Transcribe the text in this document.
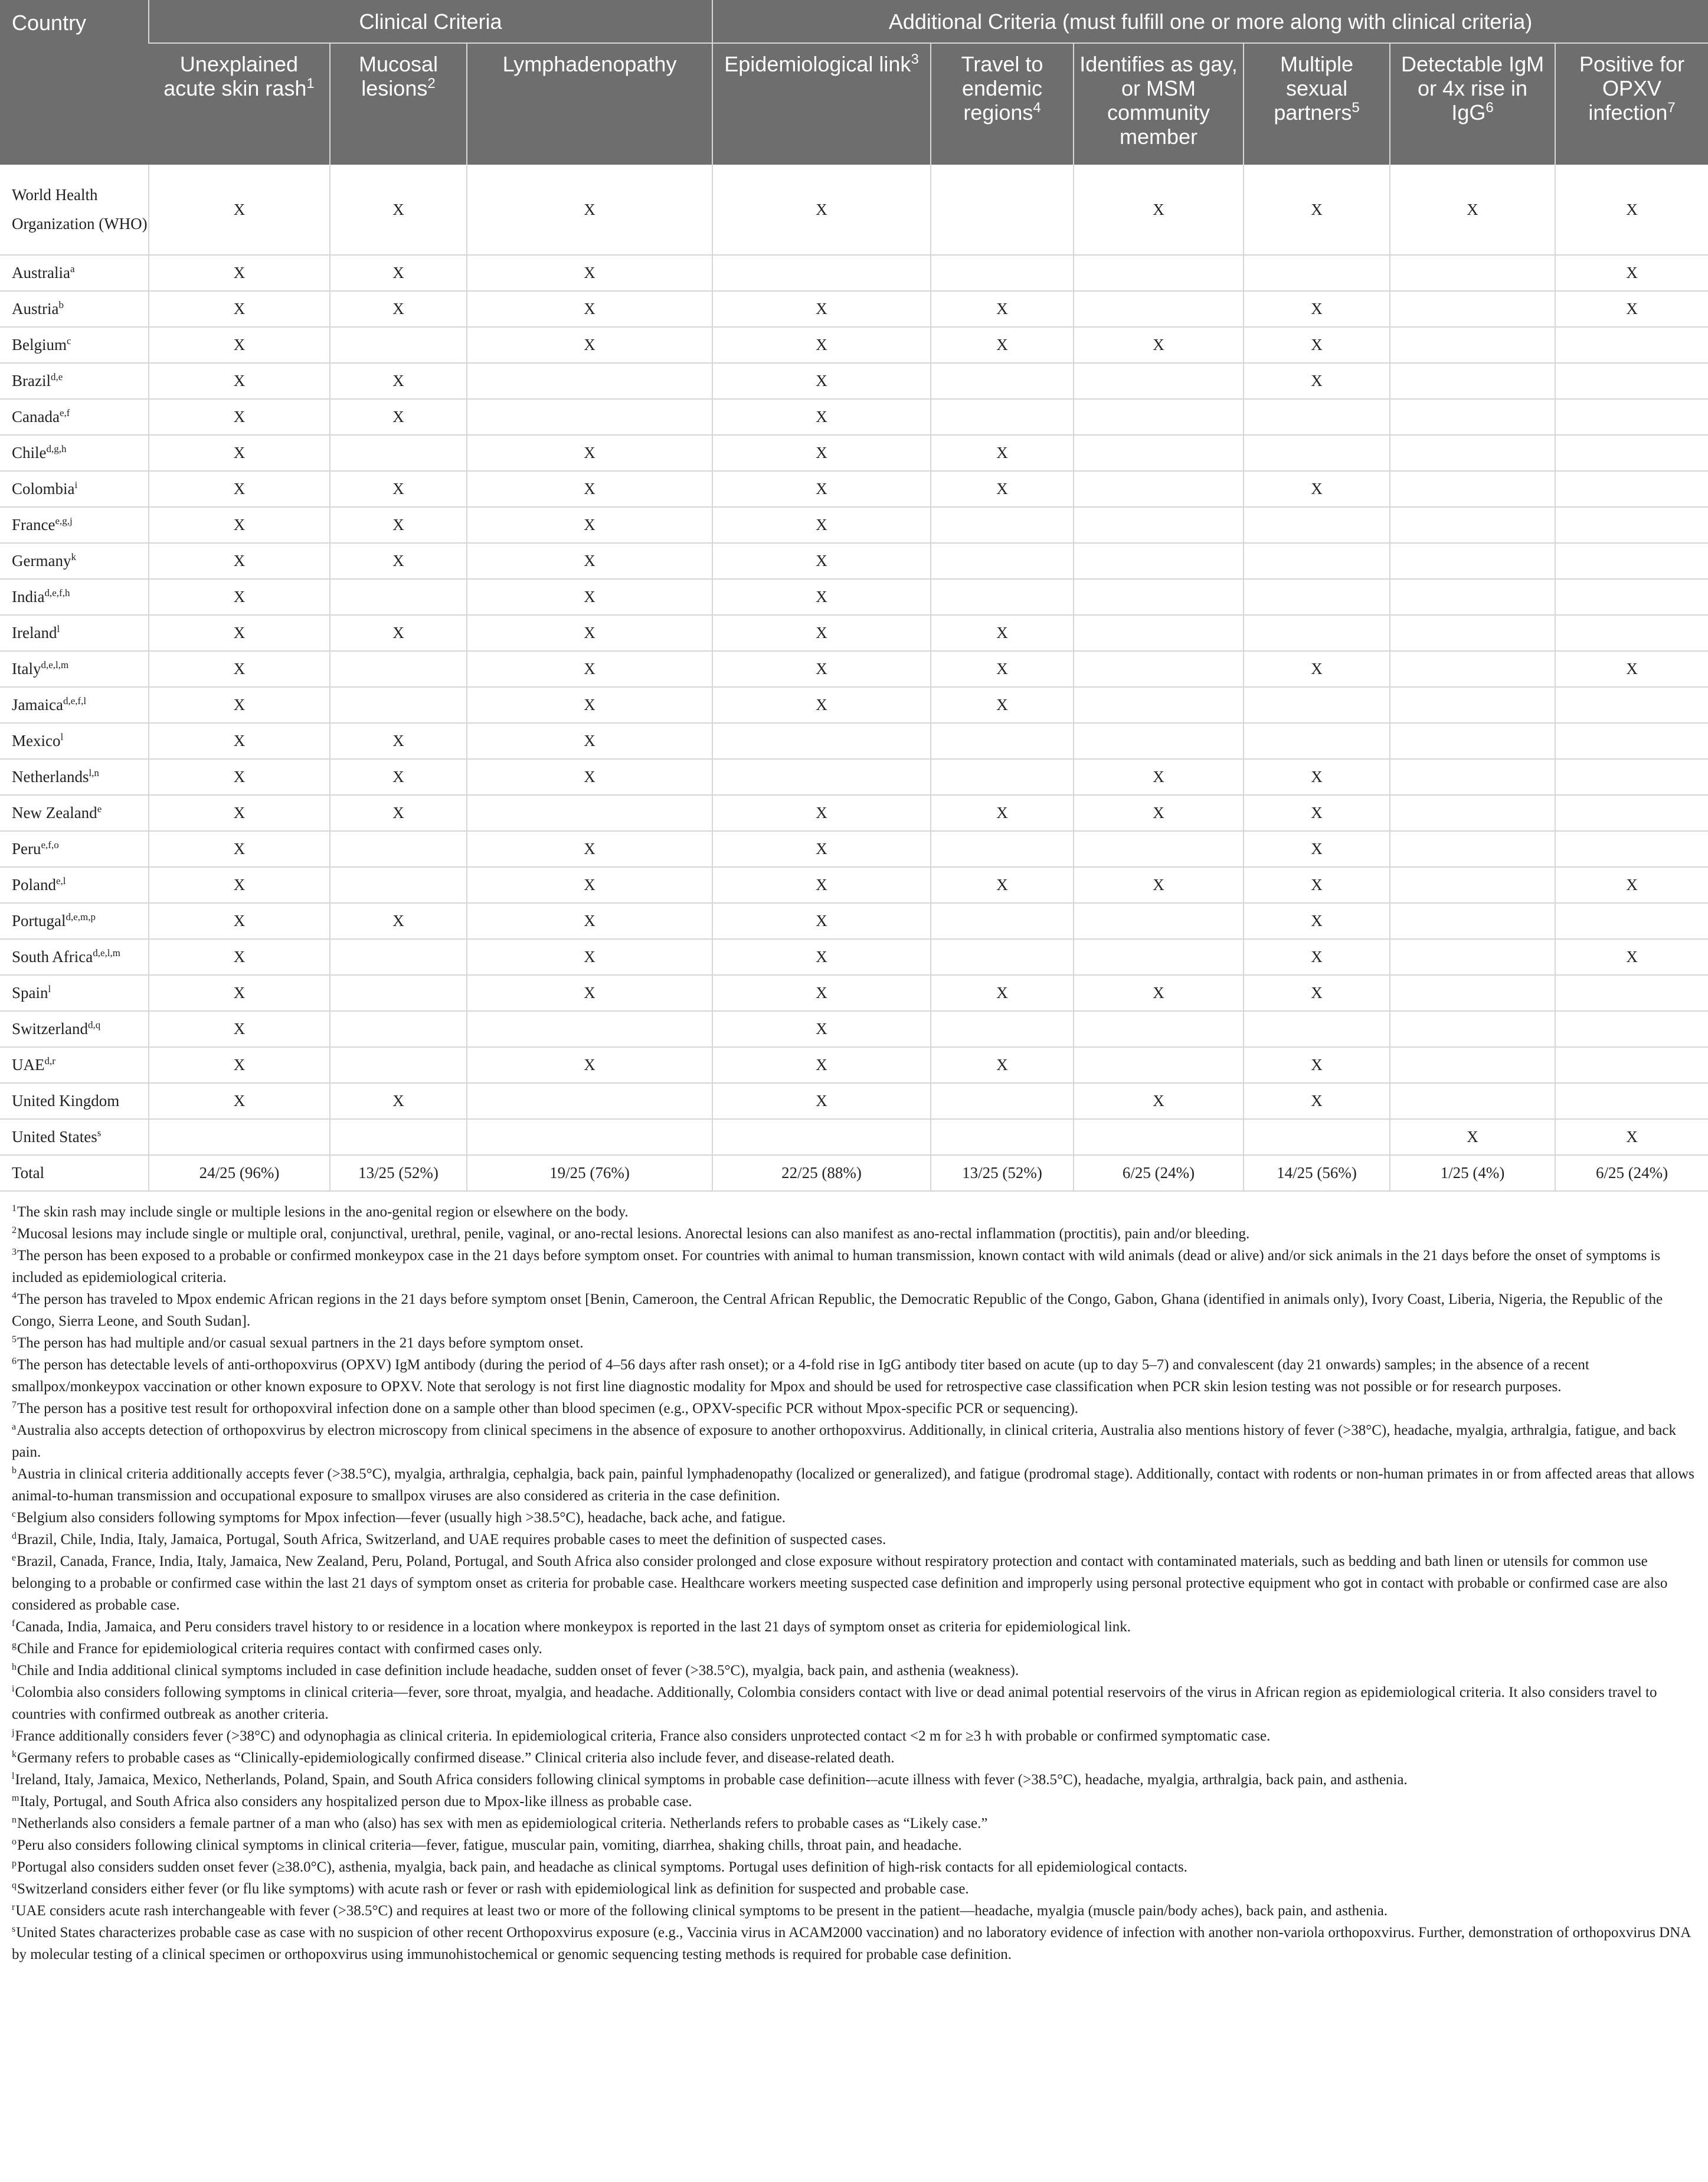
Country	Clinical Criteria			Additional Criteria (must fulfill one or more along with clinical criteria)					
	Unexplained acute skin rash$^1$	Mucosal lesions$^2$	Lymphadenopathy	Epidemiological link$^3$	Travel to endemic regions$^4$	Identifies as gay, or MSM community member	Multiple sexual partners$^5$	Detectable IgM or 4x rise in IgG$^6$	Positive for OPXV infection$^7$
World Health Organization (WHO)	X	X	X	X		X	X	X	X
Australia$^a$	X	X	X						X
Austria$^b$	X	X	X	X	X		X		X
Belgium$^c$	X		X	X	X	X	X		
Brazil$^{d,e}$	X	X		X			X		
Canada$^{e,f}$	X	X		X					
Chile$^{d,g,h}$	X		X	X	X				
Colombia$^i$	X	X	X	X	X		X		
France$^{e,g,j}$	X	X	X	X					
Germany$^k$	X	X	X	X					
India$^{d,e,f,h}$	X		X	X					
Ireland$^l$	X	X	X	X	X				
Italy$^{d,e,l,m}$	X		X	X	X		X		X
Jamaica$^{d,e,f,l}$	X		X	X	X				
Mexico$^l$	X	X	X						
Netherlands$^{l,n}$	X	X	X			X	X		
New Zealand$^e$	X	X		X	X	X	X		
Peru$^{e,f,o}$	X		X	X			X		
Poland$^{e,l}$	X		X	X	X	X	X		X
Portugal$^{d,e,m,p}$	X	X	X	X			X		
South Africa$^{d,e,l,m}$	X		X	X			X		X
Spain$^l$	X		X	X	X	X	X		
Switzerland$^{d,q}$	X			X					
UAE$^{d,r}$	X		X	X	X		X		
United Kingdom	X	X		X		X	X		
United States$^s$								X	X
Total	24/25 (96%)	13/25 (52%)	19/25 (76%)	22/25 (88%)	13/25 (52%)	6/25 (24%)	14/25 (56%)	1/25 (4%)	6/25 (24%)

$^1$The skin rash may include single or multiple lesions in the ano-genital region or elsewhere on the body.

$^2$Mucosal lesions may include single or multiple oral, conjunctival, urethral, penile, vaginal, or ano-rectal lesions. Anorectal lesions can also manifest as ano-rectal inflammation (proctitis), pain and/or bleeding.

$^3$The person has been exposed to a probable or confirmed monkeypox case in the 21 days before symptom onset. For countries with animal to human transmission, known contact with wild animals (dead or alive) and/or sick animals in the 21 days before the onset of symptoms is included as epidemiological criteria.

$^4$The person has traveled to Mpox endemic African regions in the 21 days before symptom onset [Benin, Cameroon, the Central African Republic, the Democratic Republic of the Congo, Gabon, Ghana (identified in animals only), Ivory Coast, Liberia, Nigeria, the Republic of the Congo, Sierra Leone, and South Sudan].

$^5$The person has had multiple and/or casual sexual partners in the 21 days before symptom onset.

$^6$The person has detectable levels of anti-orthopoxvirus (OPXV) IgM antibody (during the period of 4–56 days after rash onset); or a 4-fold rise in IgG antibody titer based on acute (up to day 5–7) and convalescent (day 21 onwards) samples; in the absence of a recent smallpox/monkeypox vaccination or other known exposure to OPXV. Note that serology is not first line diagnostic modality for Mpox and should be used for retrospective case classification when PCR skin lesion testing was not possible or for research purposes.

$^7$The person has a positive test result for orthopoxviral infection done on a sample other than blood specimen (e.g., OPXV-specific PCR without Mpox-specific PCR or sequencing).

$^a$Australia also accepts detection of orthopoxvirus by electron microscopy from clinical specimens in the absence of exposure to another orthopoxvirus. Additionally, in clinical criteria, Australia also mentions history of fever (>38°C), headache, myalgia, arthralgia, fatigue, and back pain.

$^b$Austria in clinical criteria additionally accepts fever (>38.5°C), myalgia, arthralgia, cephalgia, back pain, painful lymphadenopathy (localized or generalized), and fatigue (prodromal stage). Additionally, contact with rodents or non-human primates in or from affected areas that allows animal-to-human transmission and occupational exposure to smallpox viruses are also considered as criteria in the case definition.

$^c$Belgium also considers following symptoms for Mpox infection—fever (usually high >38.5°C), headache, back ache, and fatigue.

$^d$Brazil, Chile, India, Italy, Jamaica, Portugal, South Africa, Switzerland, and UAE requires probable cases to meet the definition of suspected cases.

$^e$Brazil, Canada, France, India, Italy, Jamaica, New Zealand, Peru, Poland, Portugal, and South Africa also consider prolonged and close exposure without respiratory protection and contact with contaminated materials, such as bedding and bath linen or utensils for common use belonging to a probable or confirmed case within the last 21 days of symptom onset as criteria for probable case. Healthcare workers meeting suspected case definition and improperly using personal protective equipment who got in contact with probable or confirmed case are also considered as probable case.

$^f$Canada, India, Jamaica, and Peru considers travel history to or residence in a location where monkeypox is reported in the last 21 days of symptom onset as criteria for epidemiological link.

$^g$Chile and France for epidemiological criteria requires contact with confirmed cases only.

$^h$Chile and India additional clinical symptoms included in case definition include headache, sudden onset of fever (>38.5°C), myalgia, back pain, and asthenia (weakness).

$^i$Colombia also considers following symptoms in clinical criteria—fever, sore throat, myalgia, and headache. Additionally, Colombia considers contact with live or dead animal potential reservoirs of the virus in African region as epidemiological criteria. It also considers travel to countries with confirmed outbreak as another criteria.

$^j$France additionally considers fever (>38°C) and odynophagia as clinical criteria. In epidemiological criteria, France also considers unprotected contact <2 m for ≥3 h with probable or confirmed symptomatic case.

$^k$Germany refers to probable cases as “Clinically-epidemiologically confirmed disease.” Clinical criteria also include fever, and disease-related death.

$^l$Ireland, Italy, Jamaica, Mexico, Netherlands, Poland, Spain, and South Africa considers following clinical symptoms in probable case definition-–acute illness with fever (>38.5°C), headache, myalgia, arthralgia, back pain, and asthenia.

$^m$Italy, Portugal, and South Africa also considers any hospitalized person due to Mpox-like illness as probable case.

$^n$Netherlands also considers a female partner of a man who (also) has sex with men as epidemiological criteria. Netherlands refers to probable cases as “Likely case.”

$^o$Peru also considers following clinical symptoms in clinical criteria—fever, fatigue, muscular pain, vomiting, diarrhea, shaking chills, throat pain, and headache.

$^p$Portugal also considers sudden onset fever (≥38.0°C), asthenia, myalgia, back pain, and headache as clinical symptoms. Portugal uses definition of high-risk contacts for all epidemiological contacts.

$^q$Switzerland considers either fever (or flu like symptoms) with acute rash or fever or rash with epidemiological link as definition for suspected and probable case.

$^r$UAE considers acute rash interchangeable with fever (>38.5°C) and requires at least two or more of the following clinical symptoms to be present in the patient—headache, myalgia (muscle pain/body aches), back pain, and asthenia.

$^s$United States characterizes probable case as case with no suspicion of other recent Orthopoxvirus exposure (e.g., Vaccinia virus in ACAM2000 vaccination) and no laboratory evidence of infection with another non-variola orthopoxvirus. Further, demonstration of orthopoxvirus DNA by molecular testing of a clinical specimen or orthopoxvirus using immunohistochemical or genomic sequencing testing methods is required for probable case definition.
